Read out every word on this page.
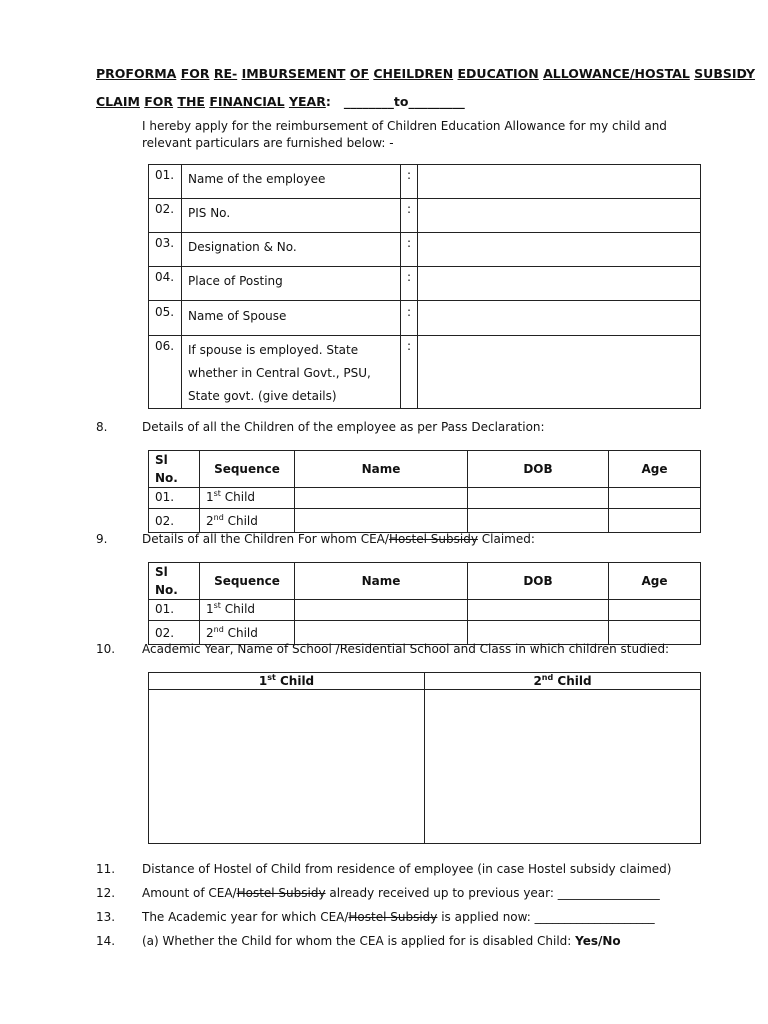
PROFORMA FOR RE- IMBURSEMENT OF CHEILDREN EDUCATION ALLOWANCE/HOSTAL SUBSIDY
CLAIM FOR THE FINANCIAL YEAR: ________to_________
I hereby apply for the reimbursement of Children Education Allowance for my child and
relevant particulars are furnished below: -
01.	Name of the employee	:	
02.	PIS No.	:	
03.	Designation & No.	:	
04.	Place of Posting	:	
05.	Name of Spouse	:	
06.	If spouse is employed. State whether in Central Govt., PSU, State govt. (give details)	:	
8.	Details of all the Children of the employee as per Pass Declaration:
Sl No.	Sequence	Name	DOB	Age
01.	1st Child			
02.	2nd Child			
9.	Details of all the Children For whom CEA/Hostel Subsidy Claimed:
Sl No.	Sequence	Name	DOB	Age
01.	1st Child			
02.	2nd Child			
10. Academic Year, Name of School /Residential School and Class in which children studied:
1st Child	2nd Child

11. Distance of Hostel of Child from residence of employee (in case Hostel subsidy claimed)
12. Amount of CEA/Hostel Subsidy already received up to previous year: _________________
13. The Academic year for which CEA/Hostel Subsidy is applied now: ____________________
14. (a) Whether the Child for whom the CEA is applied for is disabled Child: Yes/No
